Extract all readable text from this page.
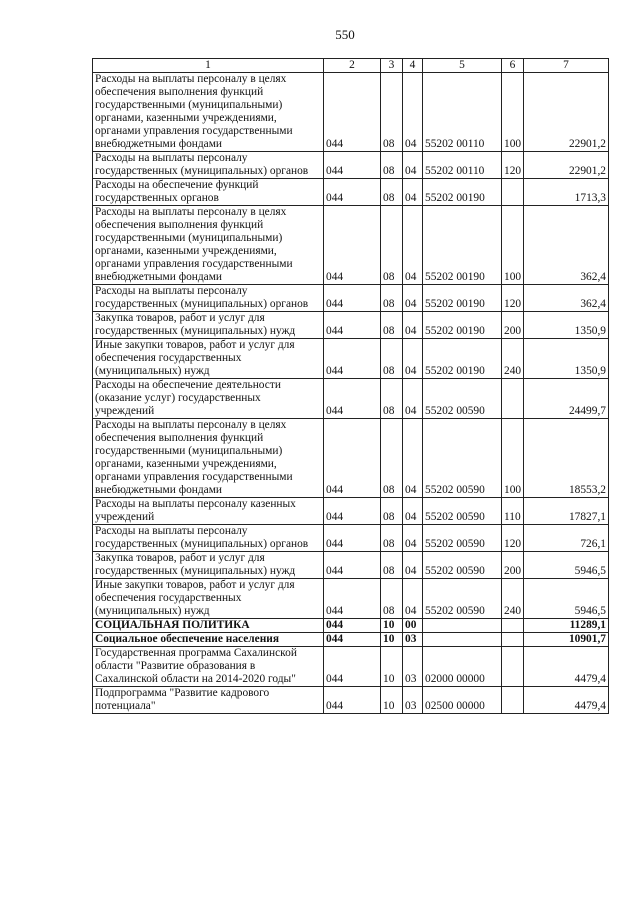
550
1	2	3	4	5	6	7
Расходы на выплаты персоналу в целях обеспечения выполнения функций государственными (муниципальными) органами, казенными учреждениями, органами управления государственными внебюджетными фондами	044	08	04	55202 00110	100	22901,2
Расходы на выплаты персоналу государственных (муниципальных) органов	044	08	04	55202 00110	120	22901,2
Расходы на обеспечение функций государственных органов	044	08	04	55202 00190		1713,3
Расходы на выплаты персоналу в целях обеспечения выполнения функций государственными (муниципальными) органами, казенными учреждениями, органами управления государственными внебюджетными фондами	044	08	04	55202 00190	100	362,4
Расходы на выплаты персоналу государственных (муниципальных) органов	044	08	04	55202 00190	120	362,4
Закупка товаров, работ и услуг для государственных (муниципальных) нужд	044	08	04	55202 00190	200	1350,9
Иные закупки товаров, работ и услуг для обеспечения государственных (муниципальных) нужд	044	08	04	55202 00190	240	1350,9
Расходы на обеспечение деятельности (оказание услуг) государственных учреждений	044	08	04	55202 00590		24499,7
Расходы на выплаты персоналу в целях обеспечения выполнения функций государственными (муниципальными) органами, казенными учреждениями, органами управления государственными внебюджетными фондами	044	08	04	55202 00590	100	18553,2
Расходы на выплаты персоналу казенных учреждений	044	08	04	55202 00590	110	17827,1
Расходы на выплаты персоналу государственных (муниципальных) органов	044	08	04	55202 00590	120	726,1
Закупка товаров, работ и услуг для государственных (муниципальных) нужд	044	08	04	55202 00590	200	5946,5
Иные закупки товаров, работ и услуг для обеспечения государственных (муниципальных) нужд	044	08	04	55202 00590	240	5946,5
СОЦИАЛЬНАЯ ПОЛИТИКА	044	10	00			11289,1
Социальное обеспечение населения	044	10	03			10901,7
Государственная программа Сахалинской области "Развитие образования в Сахалинской области на 2014-2020 годы"	044	10	03	02000 00000		4479,4
Подпрограмма "Развитие кадрового потенциала"	044	10	03	02500 00000		4479,4
